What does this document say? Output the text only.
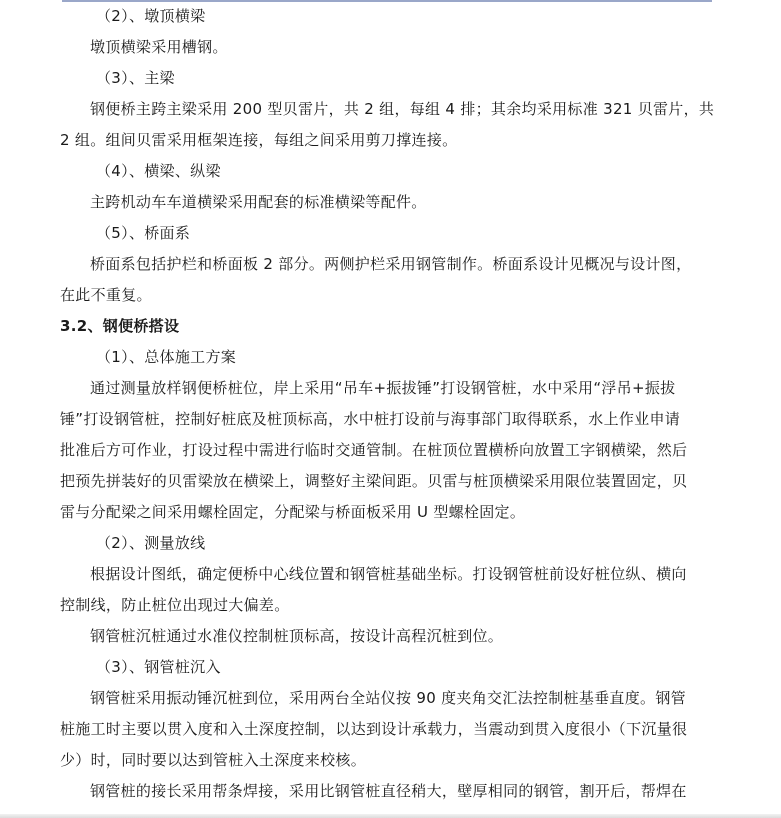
（2）、墩顶横梁
墩顶横梁采用槽钢。
（3）、主梁
钢便桥主跨主梁采用 200 型贝雷片，共 2 组，每组 4 排；其余均采用标准 321 贝雷片，共
2 组。组间贝雷采用框架连接，每组之间采用剪刀撑连接。
（4）、横梁、纵梁
主跨机动车车道横梁采用配套的标准横梁等配件。
（5）、桥面系
桥面系包括护栏和桥面板 2 部分。两侧护栏采用钢管制作。桥面系设计见概况与设计图，
在此不重复。
3.2、钢便桥搭设
（1）、总体施工方案
通过测量放样钢便桥桩位，岸上采用“吊车+振拔锤”打设钢管桩，水中采用“浮吊+振拔
锤”打设钢管桩，控制好桩底及桩顶标高，水中桩打设前与海事部门取得联系，水上作业申请
批准后方可作业，打设过程中需进行临时交通管制。在桩顶位置横桥向放置工字钢横梁，然后
把预先拼装好的贝雷梁放在横梁上，调整好主梁间距。贝雷与桩顶横梁采用限位装置固定，贝
雷与分配梁之间采用螺栓固定，分配梁与桥面板采用 U 型螺栓固定。
（2）、测量放线
根据设计图纸，确定便桥中心线位置和钢管桩基础坐标。打设钢管桩前设好桩位纵、横向
控制线，防止桩位出现过大偏差。
钢管桩沉桩通过水准仪控制桩顶标高，按设计高程沉桩到位。
（3）、钢管桩沉入
钢管桩采用振动锤沉桩到位，采用两台全站仪按 90 度夹角交汇法控制桩基垂直度。钢管
桩施工时主要以贯入度和入土深度控制，以达到设计承载力，当震动到贯入度很小（下沉量很
少）时，同时要以达到管桩入土深度来校核。
钢管桩的接长采用帮条焊接，采用比钢管桩直径稍大，壁厚相同的钢管，割开后，帮焊在
